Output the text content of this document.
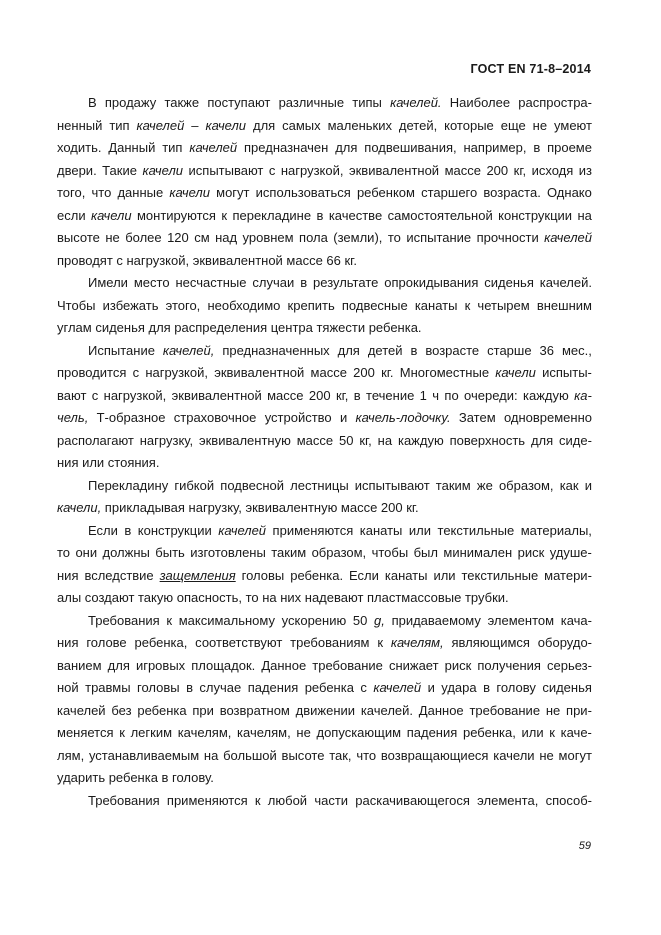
ГОСТ EN 71-8–2014
В продажу также поступают различные типы качелей. Наиболее распростра-
ненный тип качелей – качели для самых маленьких детей, которые еще не умеют
ходить. Данный тип качелей предназначен для подвешивания, например, в проеме
двери. Такие качели испытывают с нагрузкой, эквивалентной массе 200 кг, исходя из
того, что данные качели могут использоваться ребенком старшего возраста. Однако
если качели монтируются к перекладине в качестве самостоятельной конструкции на
высоте не более 120 см над уровнем пола (земли), то испытание прочности качелей
проводят с нагрузкой, эквивалентной массе 66 кг.
Имели место несчастные случаи в результате опрокидывания сиденья качелей.
Чтобы избежать этого, необходимо крепить подвесные канаты к четырем внешним
углам сиденья для распределения центра тяжести ребенка.
Испытание качелей, предназначенных для детей в возрасте старше 36 мес.,
проводится с нагрузкой, эквивалентной массе 200 кг. Многоместные качели испыты-
вают с нагрузкой, эквивалентной массе 200 кг, в течение 1 ч по очереди: каждую ка-
чель, Т-образное страховочное устройство и качель-лодочку. Затем одновременно
располагают нагрузку, эквивалентную массе 50 кг, на каждую поверхность для сиде-
ния или стояния.
Перекладину гибкой подвесной лестницы испытывают таким же образом, как и
качели, прикладывая нагрузку, эквивалентную массе 200 кг.
Если в конструкции качелей применяются канаты или текстильные материалы,
то они должны быть изготовлены таким образом, чтобы был минимален риск удуше-
ния вследствие защемления головы ребенка. Если канаты или текстильные матери-
алы создают такую опасность, то на них надевают пластмассовые трубки.
Требования к максимальному ускорению 50 g, придаваемому элементом кача-
ния голове ребенка, соответствуют требованиям к качелям, являющимся оборудо-
ванием для игровых площадок. Данное требование снижает риск получения серьез-
ной травмы головы в случае падения ребенка с качелей и удара в голову сиденья
качелей без ребенка при возвратном движении качелей. Данное требование не при-
меняется к легким качелям, качелям, не допускающим падения ребенка, или к каче-
лям, устанавливаемым на большой высоте так, что возвращающиеся качели не могут
ударить ребенка в голову.
Требования применяются к любой части раскачивающегося элемента, способ-
59
